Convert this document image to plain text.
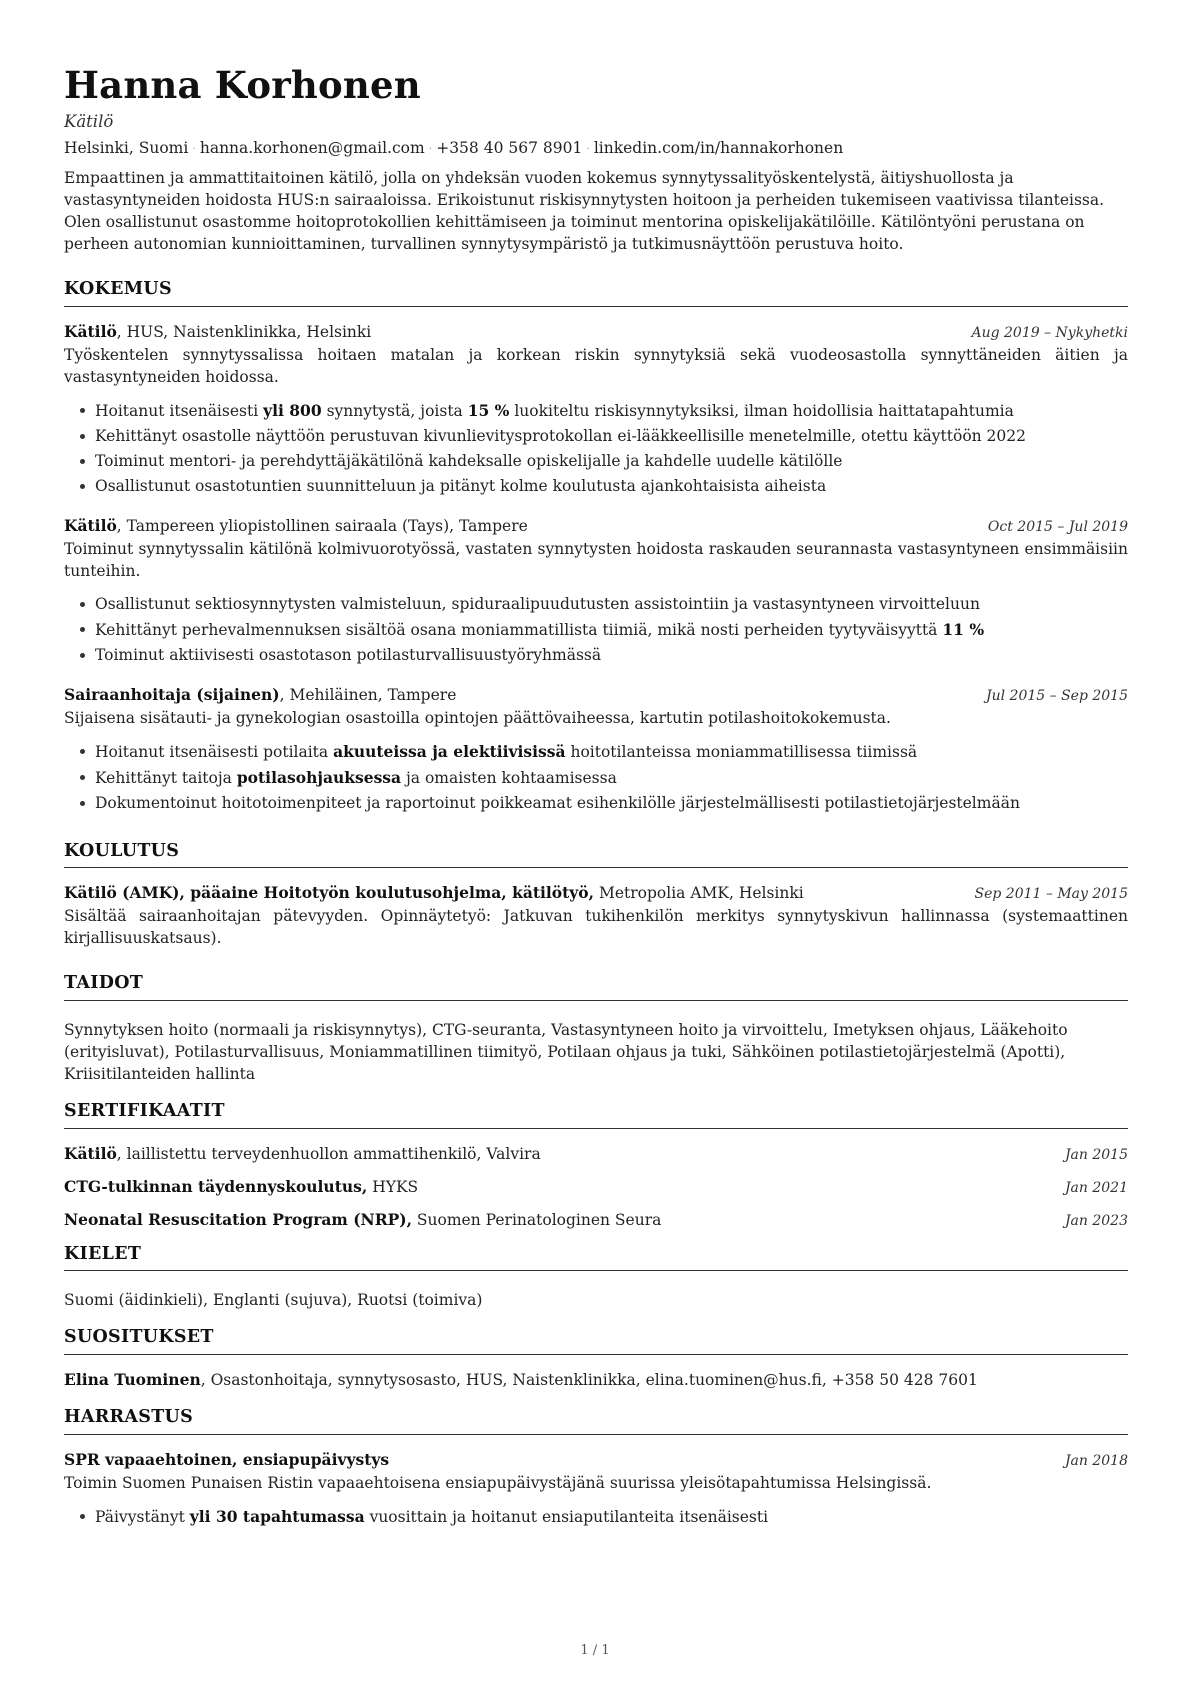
Hanna Korhonen
Kätilö
Helsinki, Suomi · hanna.korhonen@gmail.com · +358 40 567 8901 · linkedin.com/in/hannakorhonen

Empaattinen ja ammattitaitoinen kätilö, jolla on yhdeksän vuoden kokemus synnytyssalityöskentelystä, äitiyshuollosta ja vastasyntyneiden hoidosta HUS:n sairaaloissa. Erikoistunut riskisynnytysten hoitoon ja perheiden tukemiseen vaativissa tilanteissa. Olen osallistunut osastomme hoitoprotokollien kehittämiseen ja toiminut mentorina opiskelijakätilöille. Kätilöntyöni perustana on perheen autonomian kunnioittaminen, turvallinen synnytysympäristö ja tutkimusnäyttöön perustuva hoito.

KOKEMUS
Kätilö, HUS, Naistenklinikka, Helsinki	Aug 2019 – Nykyhetki

Työskentelen synnytyssalissa hoitaen matalan ja korkean riskin synnytyksiä sekä vuodeosastolla synnyttäneiden äitien ja vastasyntyneiden hoidossa.

Hoitanut itsenäisesti yli 800 synnytystä, joista 15 % luokiteltu riskisynnytyksiksi, ilman hoidollisia haittatapahtumia
Kehittänyt osastolle näyttöön perustuvan kivunlievitysprotokollan ei-lääkkeellisille menetelmille, otettu käyttöön 2022
Toiminut mentori- ja perehdyttäjäkätilönä kahdeksalle opiskelijalle ja kahdelle uudelle kätilölle
Osallistunut osastotuntien suunnitteluun ja pitänyt kolme koulutusta ajankohtaisista aiheista
Kätilö, Tampereen yliopistollinen sairaala (Tays), Tampere	Oct 2015 – Jul 2019

Toiminut synnytyssalin kätilönä kolmivuorotyössä, vastaten synnytysten hoidosta raskauden seurannasta vastasyntyneen ensimmäisiin tunteihin.

Osallistunut sektiosynnytysten valmisteluun, spiduraalipuudutusten assistointiin ja vastasyntyneen virvoitteluun
Kehittänyt perhevalmennuksen sisältöä osana moniammatillista tiimiä, mikä nosti perheiden tyytyväisyyttä 11 %
Toiminut aktiivisesti osastotason potilasturvallisuustyöryhmässä
Sairaanhoitaja (sijainen), Mehiläinen, Tampere	Jul 2015 – Sep 2015

Sijaisena sisätauti- ja gynekologian osastoilla opintojen päättövaiheessa, kartutin potilashoitokokemusta.

Hoitanut itsenäisesti potilaita akuuteissa ja elektiivisissä hoitotilanteissa moniammatillisessa tiimissä
Kehittänyt taitoja potilasohjauksessa ja omaisten kohtaamisessa
Dokumentoinut hoitotoimenpiteet ja raportoinut poikkeamat esihenkilölle järjestelmällisesti potilastietojärjestelmään
KOULUTUS
Kätilö (AMK), pääaine Hoitotyön koulutusohjelma, kätilötyö, Metropolia AMK, Helsinki	Sep 2011 – May 2015

Sisältää sairaanhoitajan pätevyyden. Opinnäytetyö: Jatkuvan tukihenkilön merkitys synnytyskivun hallinnassa (systemaattinen kirjallisuuskatsaus).

TAIDOT

Synnytyksen hoito (normaali ja riskisynnytys), CTG-seuranta, Vastasyntyneen hoito ja virvoittelu, Imetyksen ohjaus, Lääkehoito (erityisluvat), Potilasturvallisuus, Moniammatillinen tiimityö, Potilaan ohjaus ja tuki, Sähköinen potilastietojärjestelmä (Apotti), Kriisitilanteiden hallinta

SERTIFIKAATIT
Kätilö, laillistettu terveydenhuollon ammattihenkilö, Valvira	Jan 2015
CTG-tulkinnan täydennyskoulutus, HYKS	Jan 2021
Neonatal Resuscitation Program (NRP), Suomen Perinatologinen Seura	Jan 2023
KIELET

Suomi (äidinkieli), Englanti (sujuva), Ruotsi (toimiva)

SUOSITUKSET

Elina Tuominen, Osastonhoitaja, synnytysosasto, HUS, Naistenklinikka, elina.tuominen@hus.fi, +358 50 428 7601

HARRASTUS
SPR vapaaehtoinen, ensiapupäivystys	Jan 2018

Toimin Suomen Punaisen Ristin vapaaehtoisena ensiapupäivystäjänä suurissa yleisötapahtumissa Helsingissä.

Päivystänyt yli 30 tapahtumassa vuosittain ja hoitanut ensiaputilanteita itsenäisesti
1 / 1
